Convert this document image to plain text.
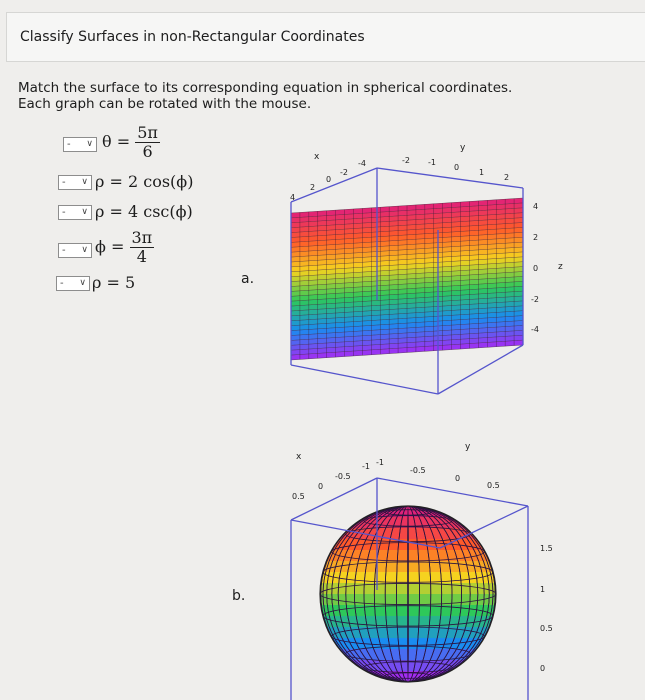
Classify Surfaces in non-Rectangular Coordinates
Match the surface to its corresponding equation in spherical coordinates.
Each graph can be rotated with the mouse.
- ∨ $\theta = \frac{5\pi}{6}$
- ∨ ρ = 2 cos(ϕ)
- ∨ ρ = 4 csc(ϕ)
- ∨ $\phi = \frac{3\pi}{4}$
- ∨ ρ = 5	a.
b.
x
y
z
4
2
0
-2
-4	-2 -1
0
1
2
4
2
0
-2
-4
x
y
0.5
0
-0.5
-1 -1
-0.5
0
0.5
1.5
1
0.5
0
